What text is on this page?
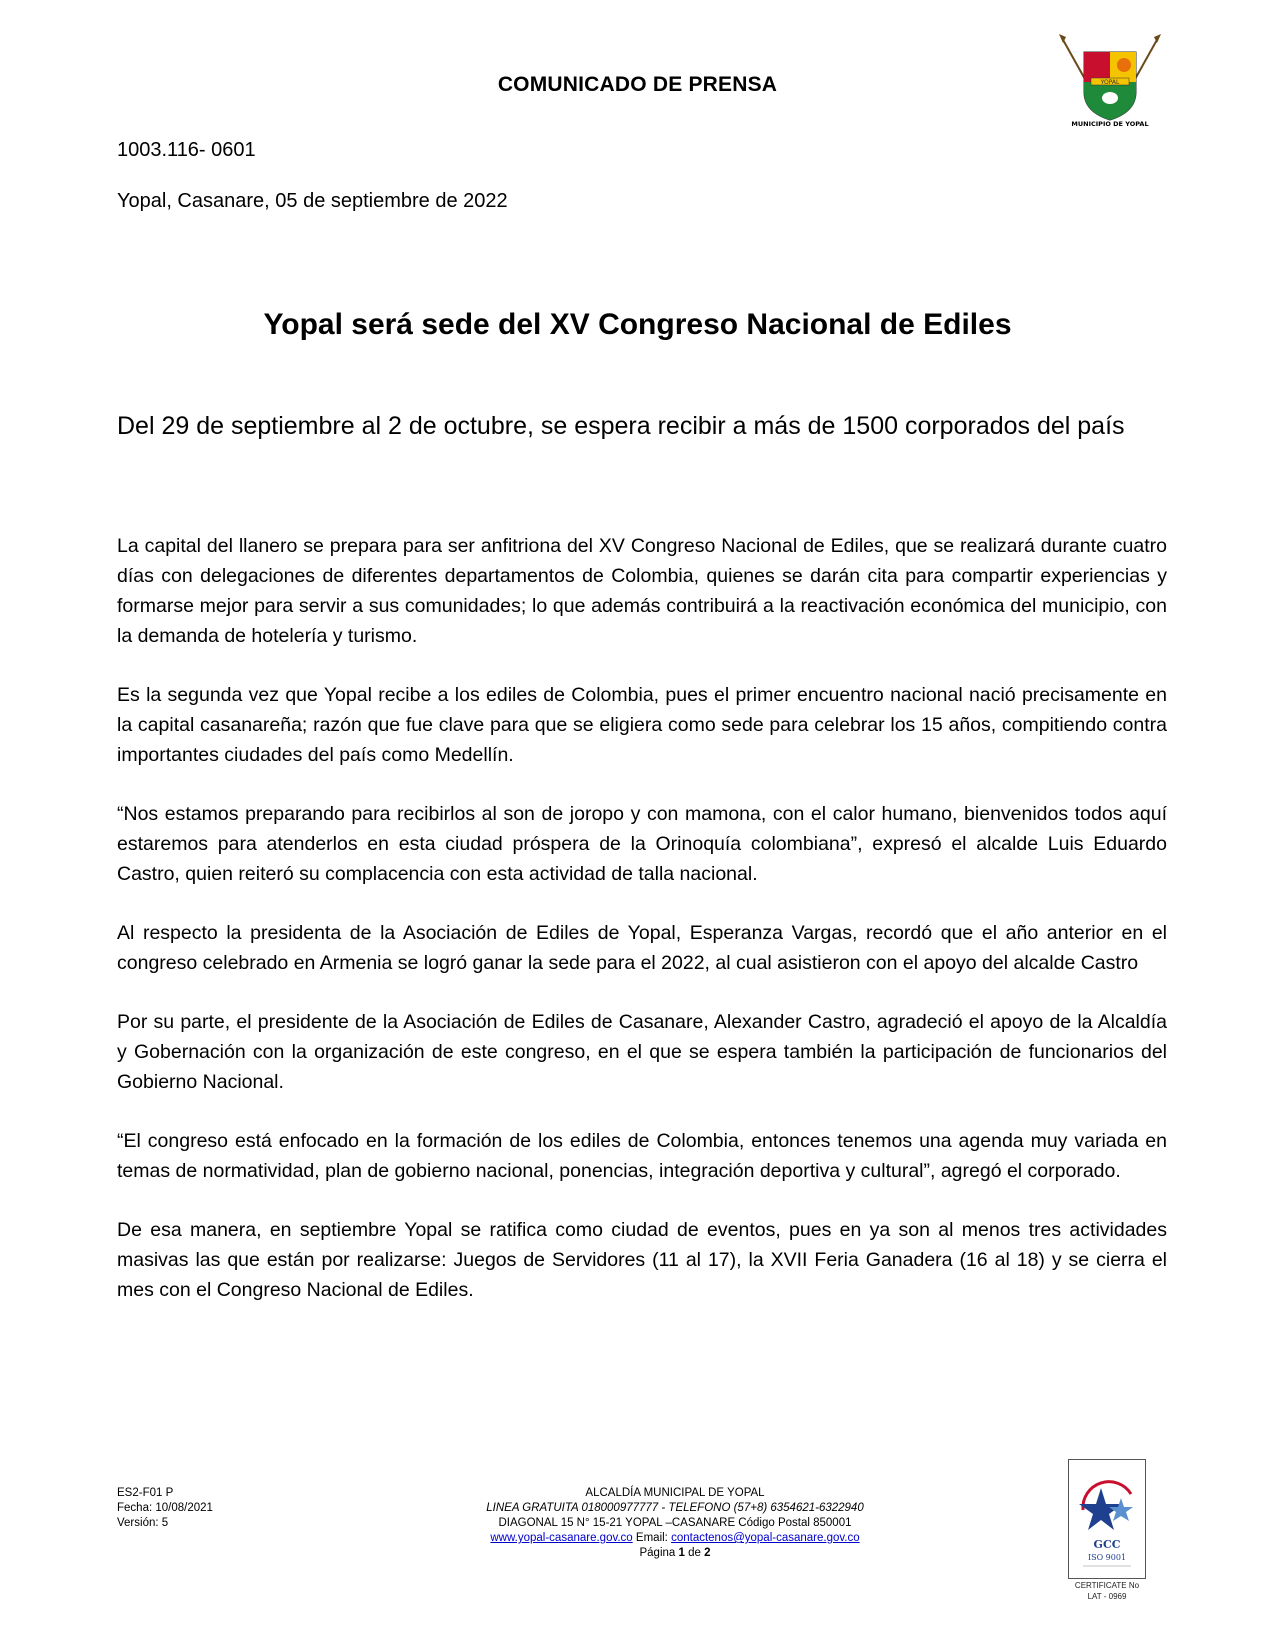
COMUNICADO DE PRENSA	YOPAL
MUNICIPIO DE YOPAL
1003.116- 0601
Yopal, Casanare, 05 de septiembre de 2022
Yopal será sede del XV Congreso Nacional de Ediles

Del 29 de septiembre al 2 de octubre, se espera recibir a más de 1500 corporados del país

La capital del llanero se prepara para ser anfitriona del XV Congreso Nacional de Ediles, que se realizará durante cuatro días con delegaciones de diferentes departamentos de Colombia, quienes se darán cita para compartir experiencias y formarse mejor para servir a sus comunidades; lo que además contribuirá a la reactivación económica del municipio, con la demanda de hotelería y turismo.

Es la segunda vez que Yopal recibe a los ediles de Colombia, pues el primer encuentro nacional nació precisamente en la capital casanareña; razón que fue clave para que se eligiera como sede para celebrar los 15 años, compitiendo contra importantes ciudades del país como Medellín.

“Nos estamos preparando para recibirlos al son de joropo y con mamona, con el calor humano, bienvenidos todos aquí estaremos para atenderlos en esta ciudad próspera de la Orinoquía colombiana”, expresó el alcalde Luis Eduardo Castro, quien reiteró su complacencia con esta actividad de talla nacional.

Al respecto la presidenta de la Asociación de Ediles de Yopal, Esperanza Vargas, recordó que el año anterior en el congreso celebrado en Armenia se logró ganar la sede para el 2022, al cual asistieron con el apoyo del alcalde Castro

Por su parte, el presidente de la Asociación de Ediles de Casanare, Alexander Castro, agradeció el apoyo de la Alcaldía y Gobernación con la organización de este congreso, en el que se espera también la participación de funcionarios del Gobierno Nacional.

“El congreso está enfocado en la formación de los ediles de Colombia, entonces tenemos una agenda muy variada en temas de normatividad, plan de gobierno nacional, ponencias, integración deportiva y cultural”, agregó el corporado.

De esa manera, en septiembre Yopal se ratifica como ciudad de eventos, pues en ya son al menos tres actividades masivas las que están por realizarse: Juegos de Servidores (11 al 17), la XVII Feria Ganadera (16 al 18) y se cierra el mes con el Congreso Nacional de Ediles.

ES2-F01 P
Fecha: 10/08/2021
Versión: 5
ALCALDÍA MUNICIPAL DE YOPAL
LINEA GRATUITA 018000977777 - TELEFONO (57+8) 6354621-6322940
DIAGONAL 15 N° 15-21 YOPAL –CASANARE Código Postal 850001
www.yopal-casanare.gov.co Email: contactenos@yopal-casanare.gov.co
Página 1 de 2
GCC
ISO 9001
CERTIFICATE No
LAT - 0969
